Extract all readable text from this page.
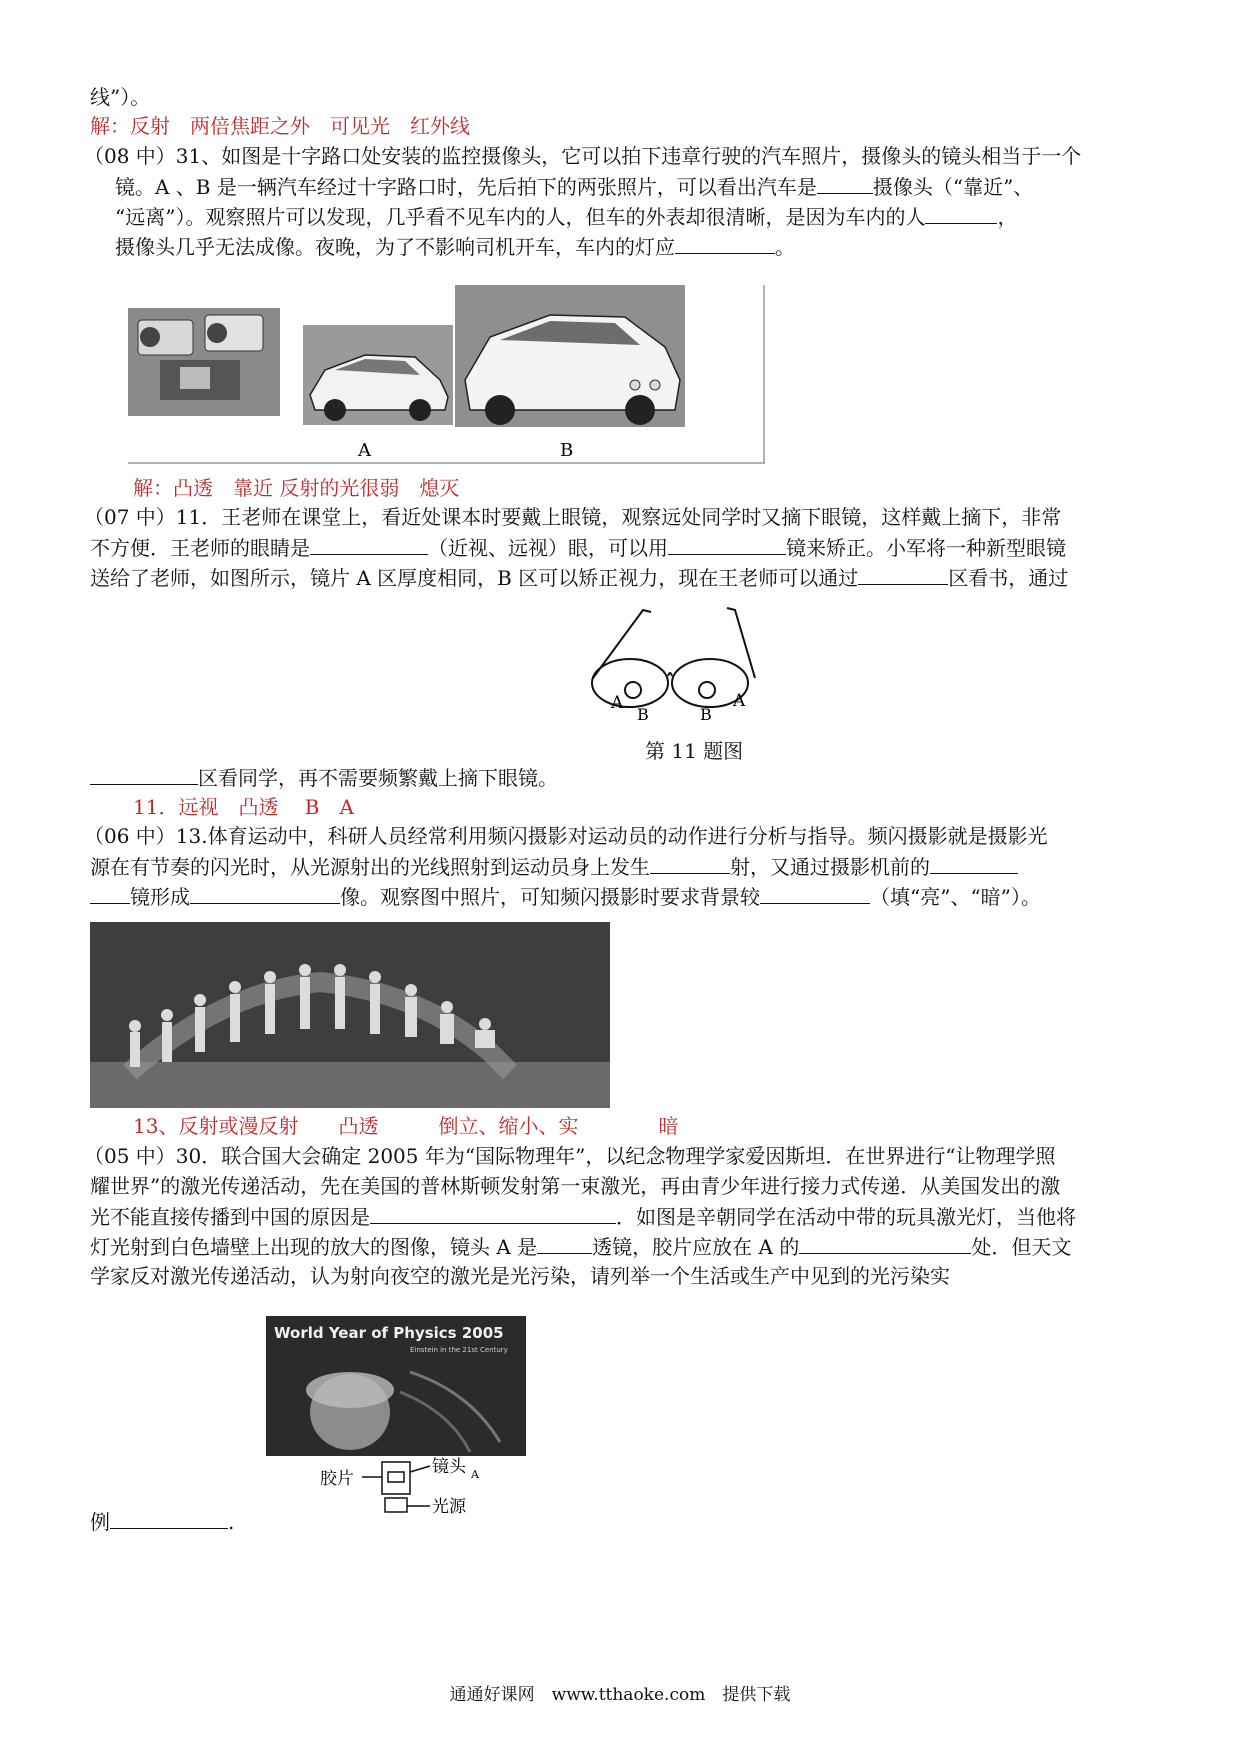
线”）。
解：反射　两倍焦距之外　可见光　红外线
（08 中）31、如图是十字路口处安装的监控摄像头，它可以拍下违章行驶的汽车照片，摄像头的镜头相当于一个
镜。A 、B 是一辆汽车经过十字路口时，先后拍下的两张照片，可以看出汽车是	摄像头（“靠近”、
“远离”）。观察照片可以发现，几乎看不见车内的人，但车的外表却很清晰，是因为车内的人	，
摄像头几乎无法成像。夜晚，为了不影响司机开车，车内的灯应	。
A	B
解：凸透　靠近 反射的光很弱　熄灭
（07 中）11．王老师在课堂上，看近处课本时要戴上眼镜，观察远处同学时又摘下眼镜，这样戴上摘下，非常
不方便．王老师的眼睛是	（近视、远视）眼，可以用	镜来矫正。小军将一种新型眼镜
送给了老师，如图所示，镜片 A 区厚度相同，B 区可以矫正视力，现在王老师可以通过	区看书，通过
A
B	B
A
第 11 题图
区看同学，再不需要频繁戴上摘下眼镜。
11．远视　凸透　 B　A
（06 中）13.体育运动中，科研人员经常利用频闪摄影对运动员的动作进行分析与指导。频闪摄影就是摄影光
源在有节奏的闪光时，从光源射出的光线照射到运动员身上发生	射，又通过摄影机前的
镜形成	像。观察图中照片，可知频闪摄影时要求背景较	（填“亮”、“暗”）。
13、反射或漫反射　　凸透　　　倒立、缩小、实　　　　暗
（05 中）30．联合国大会确定 2005 年为“国际物理年”，以纪念物理学家爱因斯坦．在世界进行“让物理学照
耀世界”的激光传递活动，先在美国的普林斯顿发射第一束激光，再由青少年进行接力式传递．从美国发出的激
光不能直接传播到中国的原因是	．如图是辛朝同学在活动中带的玩具激光灯，当他将
灯光射到白色墙壁上出现的放大的图像，镜头 A 是	透镜，胶片应放在 A 的	处．但天文
学家反对激光传递活动，认为射向夜空的激光是光污染，请列举一个生活或生产中见到的光污染实
World Year of Physics 2005
Einstein in the 21st Century
胶片
镜头 A
光源
例	.
通通好课网　www.tthaoke.com　提供下载
